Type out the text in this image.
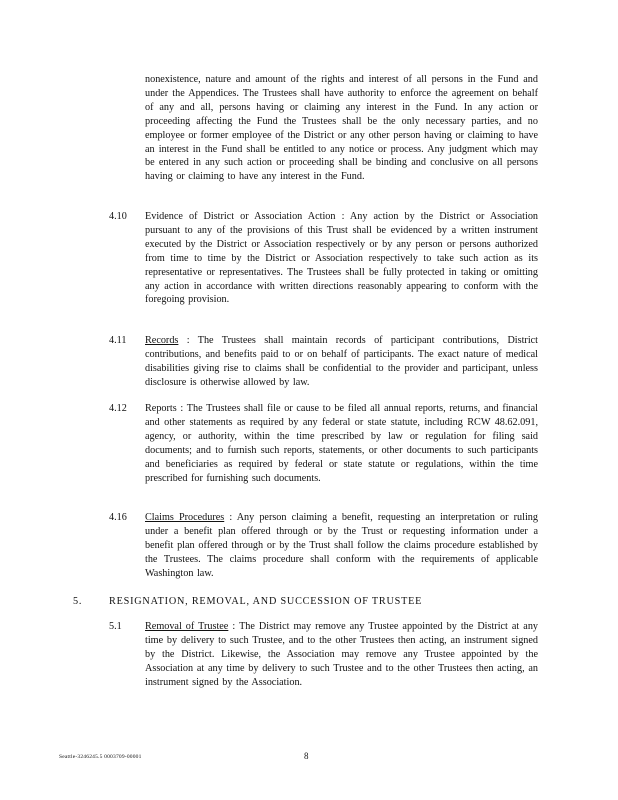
nonexistence, nature and amount of the rights and interest of all persons in the Fund and under the Appendices. The Trustees shall have authority to enforce the agreement on behalf of any and all, persons having or claiming any interest in the Fund. In any action or proceeding affecting the Fund the Trustees shall be the only necessary parties, and no employee or former employee of the District or any other person having or claiming to have an interest in the Fund shall be entitled to any notice or process. Any judgment which may be entered in any such action or proceeding shall be binding and conclusive on all persons having or claiming to have any interest in the Fund.

4.10 Evidence of District or Association Action : Any action by the District or Association pursuant to any of the provisions of this Trust shall be evidenced by a written instrument executed by the District or Association respectively or by any person or persons authorized from time to time by the District or Association respectively to take such action as its representative or representatives. The Trustees shall be fully protected in taking or omitting any action in accordance with written directions reasonably appearing to conform with the foregoing provision.

4.11 Records : The Trustees shall maintain records of participant contributions, District contributions, and benefits paid to or on behalf of participants. The exact nature of medical disabilities giving rise to claims shall be confidential to the provider and participant, unless disclosure is otherwise allowed by law.

4.12 Reports : The Trustees shall file or cause to be filed all annual reports, returns, and financial and other statements as required by any federal or state statute, including RCW 48.62.091, agency, or authority, within the time prescribed by law or regulation for filing said documents; and to furnish such reports, statements, or other documents to such participants and beneficiaries as required by federal or state statute or regulations, within the time prescribed for furnishing such documents.

4.16 Claims Procedures : Any person claiming a benefit, requesting an interpretation or ruling under a benefit plan offered through or by the Trust or requesting information under a benefit plan offered through or by the Trust shall follow the claims procedure established by the Trustees. The claims procedure shall conform with the requirements of applicable Washington law.

5.	RESIGNATION, REMOVAL, AND SUCCESSION OF TRUSTEE

5.1 Removal of Trustee : The District may remove any Trustee appointed by the District at any time by delivery to such Trustee, and to the other Trustees then acting, an instrument signed by the District. Likewise, the Association may remove any Trustee appointed by the Association at any time by delivery to such Trustee and to the other Trustees then acting, an instrument signed by the Association.

Seattle-3246245.5 0003709-00001	8
